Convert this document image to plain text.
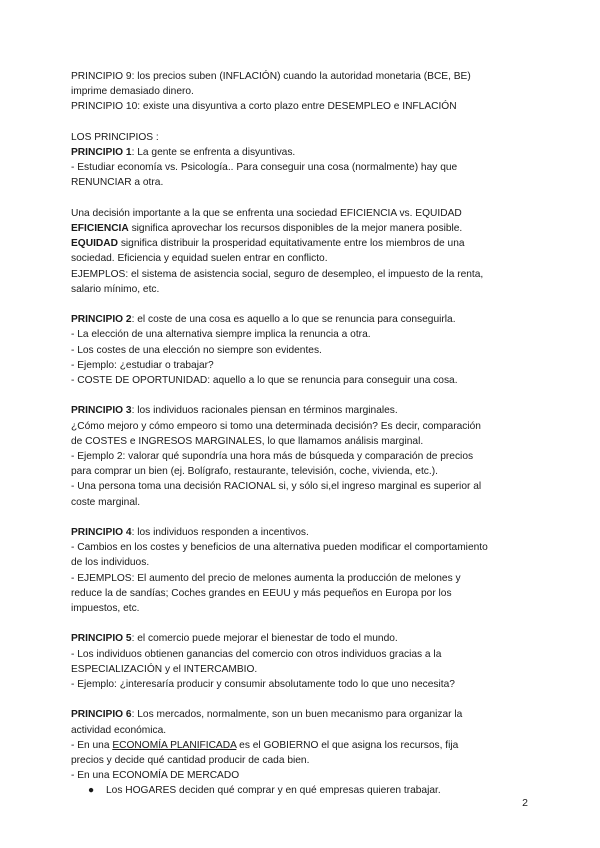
PRINCIPIO 9: los precios suben (INFLACIÓN) cuando la autoridad monetaria (BCE, BE)

imprime demasiado dinero.

PRINCIPIO 10: existe una disyuntiva a corto plazo entre DESEMPLEO e INFLACIÓN

LOS PRINCIPIOS :

PRINCIPIO 1: La gente se enfrenta a disyuntivas.

- Estudiar economía vs. Psicología.. Para conseguir una cosa (normalmente) hay que

RENUNCIAR a otra.

Una decisión importante a la que se enfrenta una sociedad EFICIENCIA vs. EQUIDAD

EFICIENCIA significa aprovechar los recursos disponibles de la mejor manera posible.

EQUIDAD significa distribuir la prosperidad equitativamente entre los miembros de una

sociedad. Eficiencia y equidad suelen entrar en conflicto.

EJEMPLOS: el sistema de asistencia social, seguro de desempleo, el impuesto de la renta,

salario mínimo, etc.

PRINCIPIO 2: el coste de una cosa es aquello a lo que se renuncia para conseguirla.

- La elección de una alternativa siempre implica la renuncia a otra.

- Los costes de una elección no siempre son evidentes.

- Ejemplo: ¿estudiar o trabajar?

- COSTE DE OPORTUNIDAD: aquello a lo que se renuncia para conseguir una cosa.

PRINCIPIO 3: los individuos racionales piensan en términos marginales.

¿Cómo mejoro y cómo empeoro si tomo una determinada decisión? Es decir, comparación

de COSTES e INGRESOS MARGINALES, lo que llamamos análisis marginal.

- Ejemplo 2: valorar qué supondría una hora más de búsqueda y comparación de precios

para comprar un bien (ej. Bolígrafo, restaurante, televisión, coche, vivienda, etc.).

- Una persona toma una decisión RACIONAL si, y sólo si,el ingreso marginal es superior al

coste marginal.

PRINCIPIO 4: los individuos responden a incentivos.

- Cambios en los costes y beneficios de una alternativa pueden modificar el comportamiento

de los individuos.

- EJEMPLOS: El aumento del precio de melones aumenta la producción de melones y

reduce la de sandías; Coches grandes en EEUU y más pequeños en Europa por los

impuestos, etc.

PRINCIPIO 5: el comercio puede mejorar el bienestar de todo el mundo.

- Los individuos obtienen ganancias del comercio con otros individuos gracias a la

ESPECIALIZACIÓN y el INTERCAMBIO.

- Ejemplo: ¿interesaría producir y consumir absolutamente todo lo que uno necesita?

PRINCIPIO 6: Los mercados, normalmente, son un buen mecanismo para organizar la

actividad económica.

- En una ECONOMÍA PLANIFICADA es el GOBIERNO el que asigna los recursos, fija

precios y decide qué cantidad producir de cada bien.

- En una ECONOMÍA DE MERCADO

● Los HOGARES deciden qué comprar y en qué empresas quieren trabajar.

2
